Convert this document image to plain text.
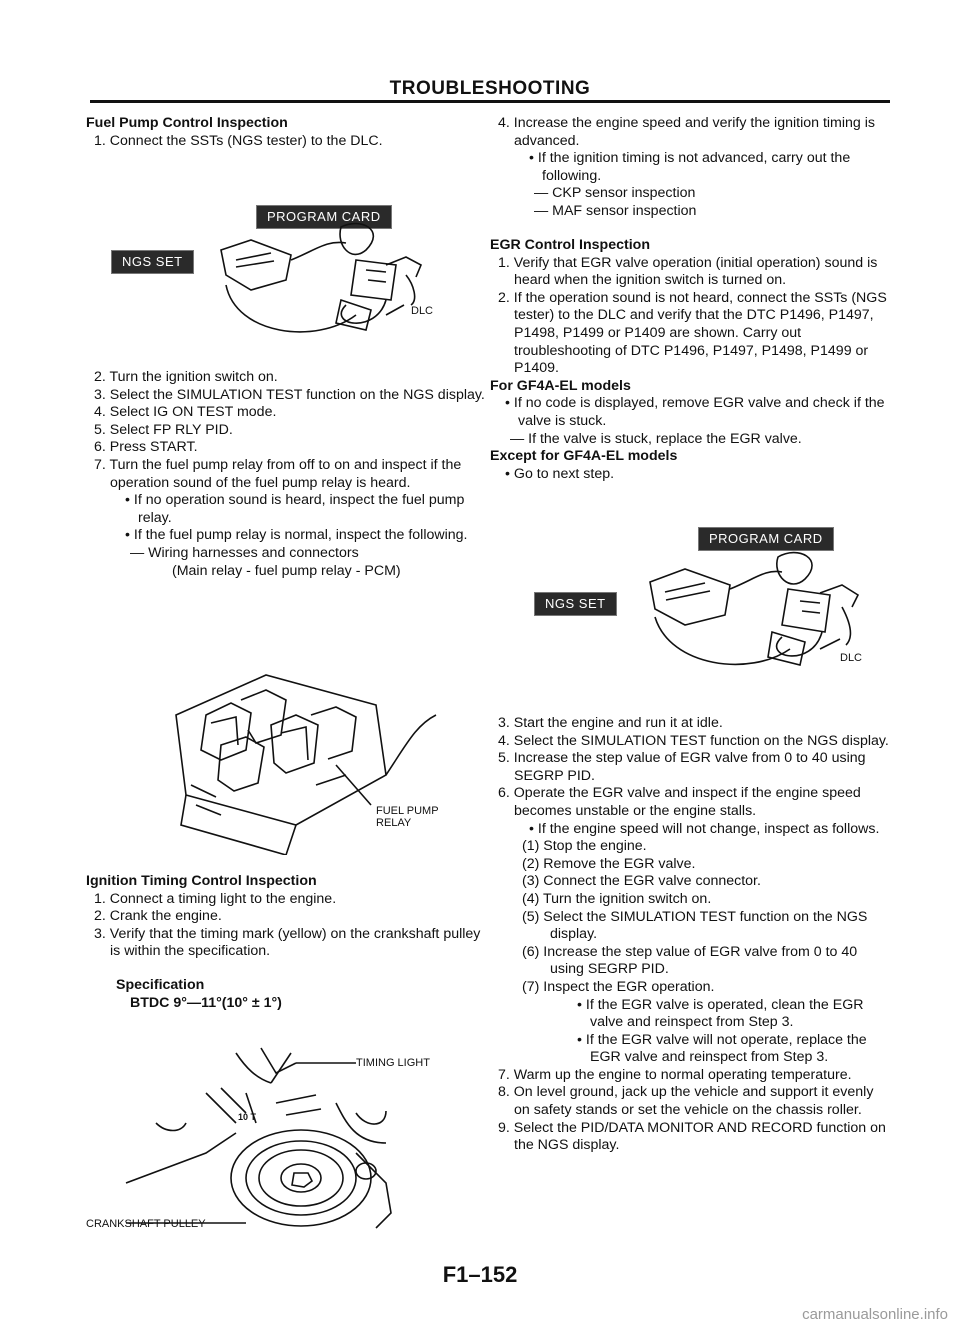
TROUBLESHOOTING
Fuel Pump Control Inspection
1. Connect the SSTs (NGS tester) to the DLC.
PROGRAM CARD
NGS SET
DLC
2. Turn the ignition switch on.
3. Select the SIMULATION TEST function on the NGS display.
4. Select IG ON TEST mode.
5. Select FP RLY PID.
6. Press START.
7. Turn the fuel pump relay from off to on and inspect if the operation sound of the fuel pump relay is heard.
• If no operation sound is heard, inspect the fuel pump relay.
• If the fuel pump relay is normal, inspect the following.
— Wiring harnesses and connectors
(Main relay - fuel pump relay - PCM)
FUEL PUMP
RELAY
Ignition Timing Control Inspection
1. Connect a timing light to the engine.
2. Crank the engine.
3. Verify that the timing mark (yellow) on the crankshaft pulley is within the specification.
Specification
BTDC 9°—11°(10° ± 1°)
TIMING LIGHT
CRANKSHAFT PULLEY
10 T
4. Increase the engine speed and verify the ignition timing is advanced.
• If the ignition timing is not advanced, carry out the following.
— CKP sensor inspection
— MAF sensor inspection
EGR Control Inspection
1. Verify that EGR valve operation (initial operation) sound is heard when the ignition switch is turned on.
2. If the operation sound is not heard, connect the SSTs (NGS tester) to the DLC and verify that the DTC P1496, P1497, P1498, P1499 or P1409 are shown. Carry out troubleshooting of DTC P1496, P1497, P1498, P1499 or P1409.
For GF4A-EL models
• If no code is displayed, remove EGR valve and check if the valve is stuck.
— If the valve is stuck, replace the EGR valve.
Except for GF4A-EL models
• Go to next step.
PROGRAM CARD
NGS SET
DLC
3. Start the engine and run it at idle.
4. Select the SIMULATION TEST function on the NGS display.
5. Increase the step value of EGR valve from 0 to 40 using SEGRP PID.
6. Operate the EGR valve and inspect if the engine speed becomes unstable or the engine stalls.
• If the engine speed will not change, inspect as follows.
(1) Stop the engine.
(2) Remove the EGR valve.
(3) Connect the EGR valve connector.
(4) Turn the ignition switch on.
(5) Select the SIMULATION TEST function on the NGS display.
(6) Increase the step value of EGR valve from 0 to 40 using SEGRP PID.
(7) Inspect the EGR operation.
• If the EGR valve is operated, clean the EGR valve and reinspect from Step 3.
• If the EGR valve will not operate, replace the EGR valve and reinspect from Step 3.
7. Warm up the engine to normal operating temperature.
8. On level ground, jack up the vehicle and support it evenly on safety stands or set the vehicle on the chassis roller.
9. Select the PID/DATA MONITOR AND RECORD function on the NGS display.
F1–152
carmanualsonline.info
